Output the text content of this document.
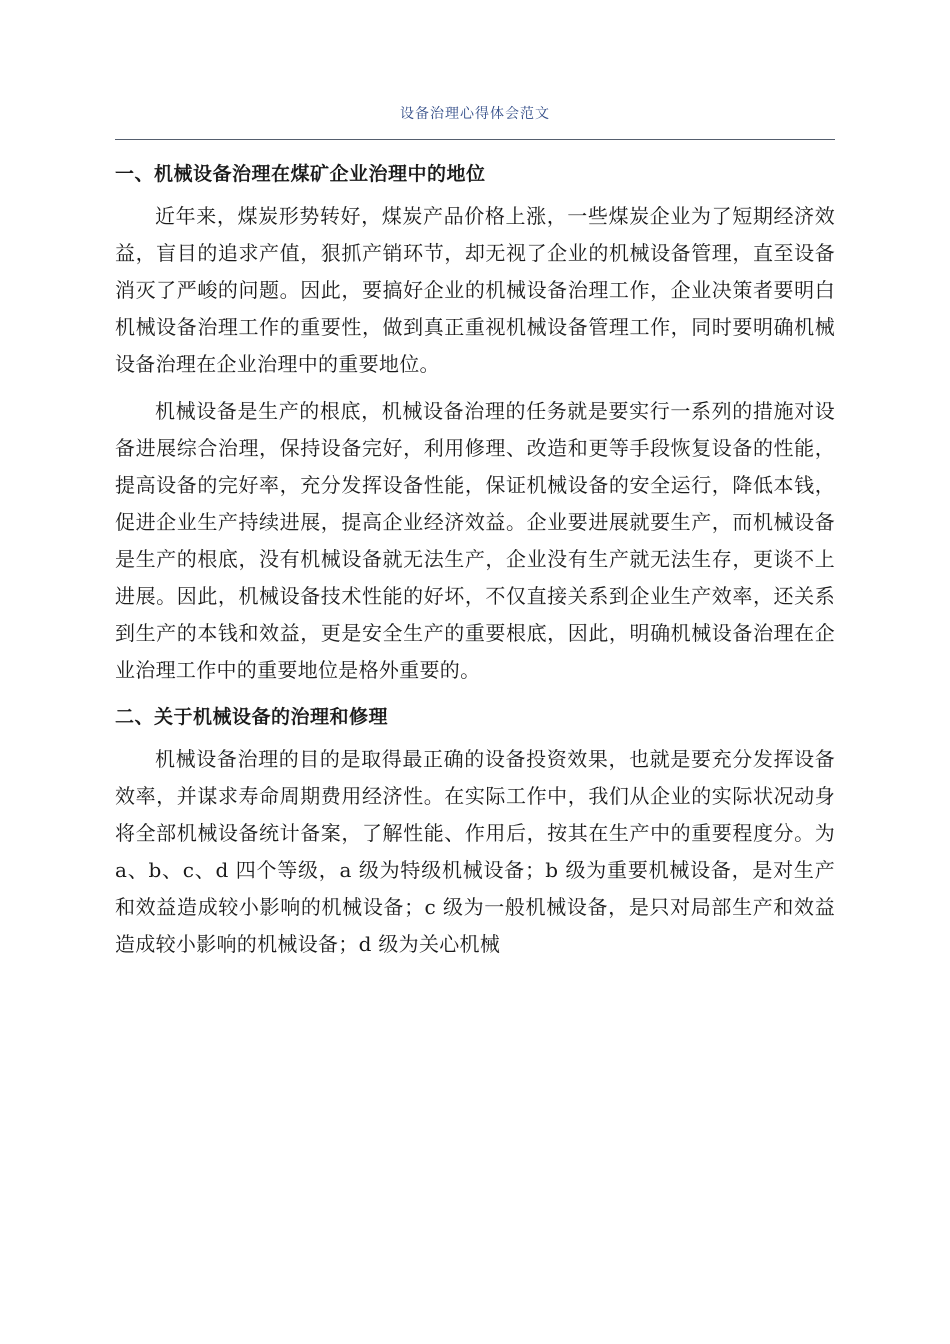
设备治理心得体会范文
一、机械设备治理在煤矿企业治理中的地位

近年来，煤炭形势转好，煤炭产品价格上涨，一些煤炭企业为了短期经济效益，盲目的追求产值，狠抓产销环节，却无视了企业的机械设备管理，直至设备消灭了严峻的问题。因此，要搞好企业的机械设备治理工作，企业决策者要明白机械设备治理工作的重要性，做到真正重视机械设备管理工作，同时要明确机械设备治理在企业治理中的重要地位。

机械设备是生产的根底，机械设备治理的任务就是要实行一系列的措施对设备进展综合治理，保持设备完好，利用修理、改造和更等手段恢复设备的性能，提高设备的完好率，充分发挥设备性能，保证机械设备的安全运行，降低本钱，促进企业生产持续进展，提高企业经济效益。企业要进展就要生产，而机械设备是生产的根底，没有机械设备就无法生产，企业没有生产就无法生存，更谈不上进展。因此，机械设备技术性能的好坏，不仅直接关系到企业生产效率，还关系到生产的本钱和效益，更是安全生产的重要根底，因此，明确机械设备治理在企业治理工作中的重要地位是格外重要的。

二、关于机械设备的治理和修理

机械设备治理的目的是取得最正确的设备投资效果，也就是要充分发挥设备效率，并谋求寿命周期费用经济性。在实际工作中，我们从企业的实际状况动身将全部机械设备统计备案，了解性能、作用后，按其在生产中的重要程度分。为 a、b、c、d 四个等级，a 级为特级机械设备；b 级为重要机械设备，是对生产和效益造成较小影响的机械设备；c 级为一般机械设备，是只对局部生产和效益造成较小影响的机械设备；d 级为关心机械
